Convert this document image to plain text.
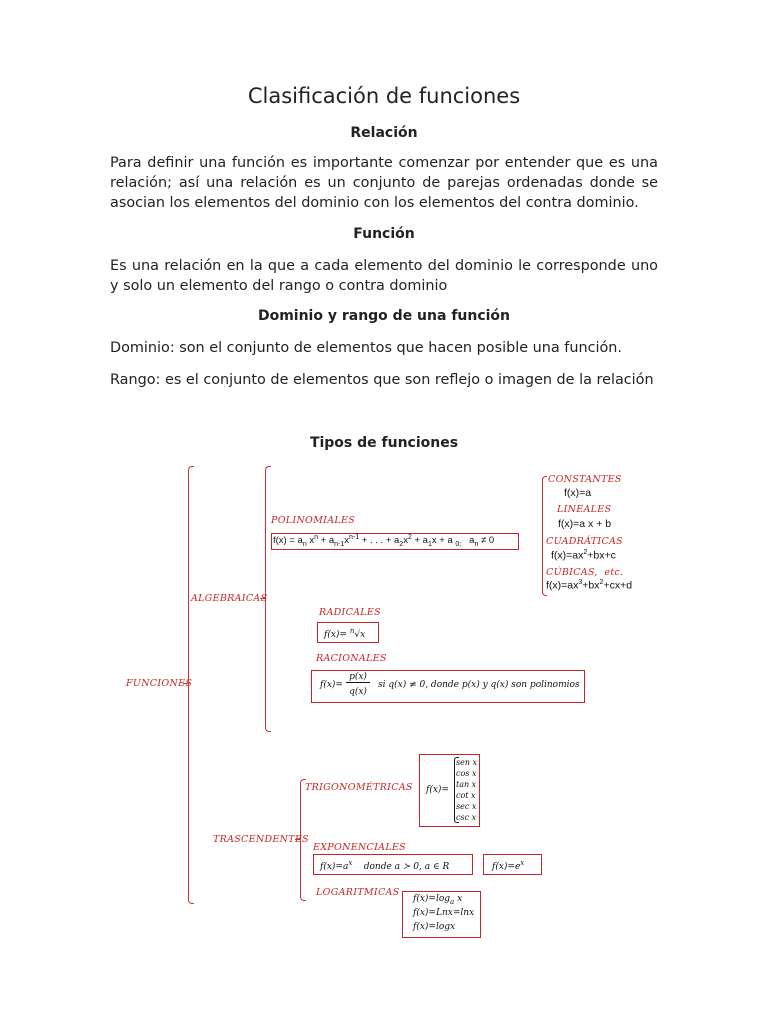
Clasificación de funciones
Relación
Para definir una función es importante comenzar por entender que es una relación; así una relación es un conjunto de parejas ordenadas donde se asocian los elementos del dominio con los elementos del contra dominio.
Función
Es una relación en la que a cada elemento del dominio le corresponde uno y solo un elemento del rango o contra dominio
Dominio y rango de una función
Dominio: son el conjunto de elementos que hacen posible una función.
Rango: es el conjunto de elementos que son reflejo o imagen de la relación
Tipos de funciones
FUNCIONES
ALGEBRAICAS
POLINOMIALES
$f(x) = a_n$ $x^n + a_{n-1}x^{n-1}$ + . . . + $a_2x^2 + a_1x + a$ $_{0;}$   $a_n \ne 0$
CONSTANTES
f(x)=a
LINEALES
f(x)=a x + b
CUADRÁTICAS
$f(x)=ax^2+bx+c$
CÚBICAS,  etc.
$f(x)=ax^3+bx^2+cx+d$
RADICALES
f(x)= $^n$√x
RACIONALES
f(x)=
p(x)
q(x)
si q(x) ≠ 0, donde p(x) y q(x) son polinomios
TRASCENDENTES
TRIGONOMÉTRICAS f(x)=
sen x
cos x
tan x
cot x
sec x
csc x
EXPONENCIALES
$f(x)=a^x$ donde a ≻ 0, a ∈ R	$f(x)=e^x$
LOGARITMICAS
$f(x)=\log_a$ x
f(x)=Lnx=lnx
f(x)=logx
